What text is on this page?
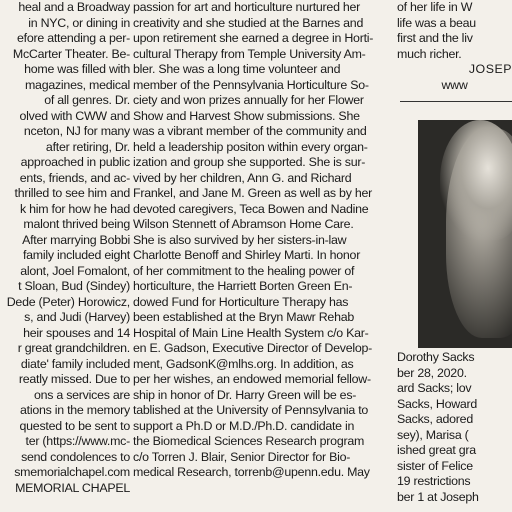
heal and a Broadway
in NYC, or dining in
efore attending a per-
McCarter Theater. Be-
home was filled with
magazines, medical
of all genres. Dr.
olved with CWW and
nceton, NJ for many
after retiring, Dr.
approached in public
ents, friends, and ac-
thrilled to see him and
k him for how he had
malont thrived being
After marrying Bobbi
family included eight
alont, Joel Fomalont,
t Sloan, Bud (Sindey)
Dede (Peter) Horowicz,
s, and Judi (Harvey)
heir spouses and 14
r great grandchildren.
diate' family included
reatly missed. Due to
ons a services are
ations in the memory
quested to be sent to
ter (https://www.mc-
send condolences to
smemorialchapel.com
MEMORIAL CHAPEL
passion for art and horticulture nurtured her
creativity and she studied at the Barnes and
upon retirement she earned a degree in Horti-
cultural Therapy from Temple University Am-
bler. She was a long time volunteer and
member of the Pennsylvania Horticulture So-
ciety and won prizes annually for her Flower
Show and Harvest Show submissions. She
was a vibrant member of the community and
held a leadership positon within every organ-
ization and group she supported. She is sur-
vived by her children, Ann G. and Richard
Frankel, and Jane M. Green as well as by her
devoted caregivers, Teca Bowen and Nadine
Wilson Stennett of Abramson Home Care.
She is also survived by her sisters-in-law
Charlotte Benoff and Shirley Marti. In honor
of her commitment to the healing power of
horticulture, the Harriett Borten Green En-
dowed Fund for Horticulture Therapy has
been established at the Bryn Mawr Rehab
Hospital of Main Line Health System c/o Kar-
en E. Gadson, Executive Director of Develop-
ment, GadsonK@mlhs.org. In addition, as
per her wishes, an endowed memorial fellow-
ship in honor of Dr. Harry Green will be es-
tablished at the University of Pennsylvania to
support a Ph.D or M.D./Ph.D. candidate in
the Biomedical Sciences Research program
c/o Torren J. Blair, Senior Director for Bio-
medical Research, torrenb@upenn.edu. May
of her life in W
life was a beau
first and the liv
much richer.
JOSEP
www
Dorothy Sacks
ber 28, 2020.
ard Sacks; lov
Sacks, Howard
Sacks, adored
sey), Marisa (
ished great gra
sister of Felice
19 restrictions
ber 1 at Joseph
